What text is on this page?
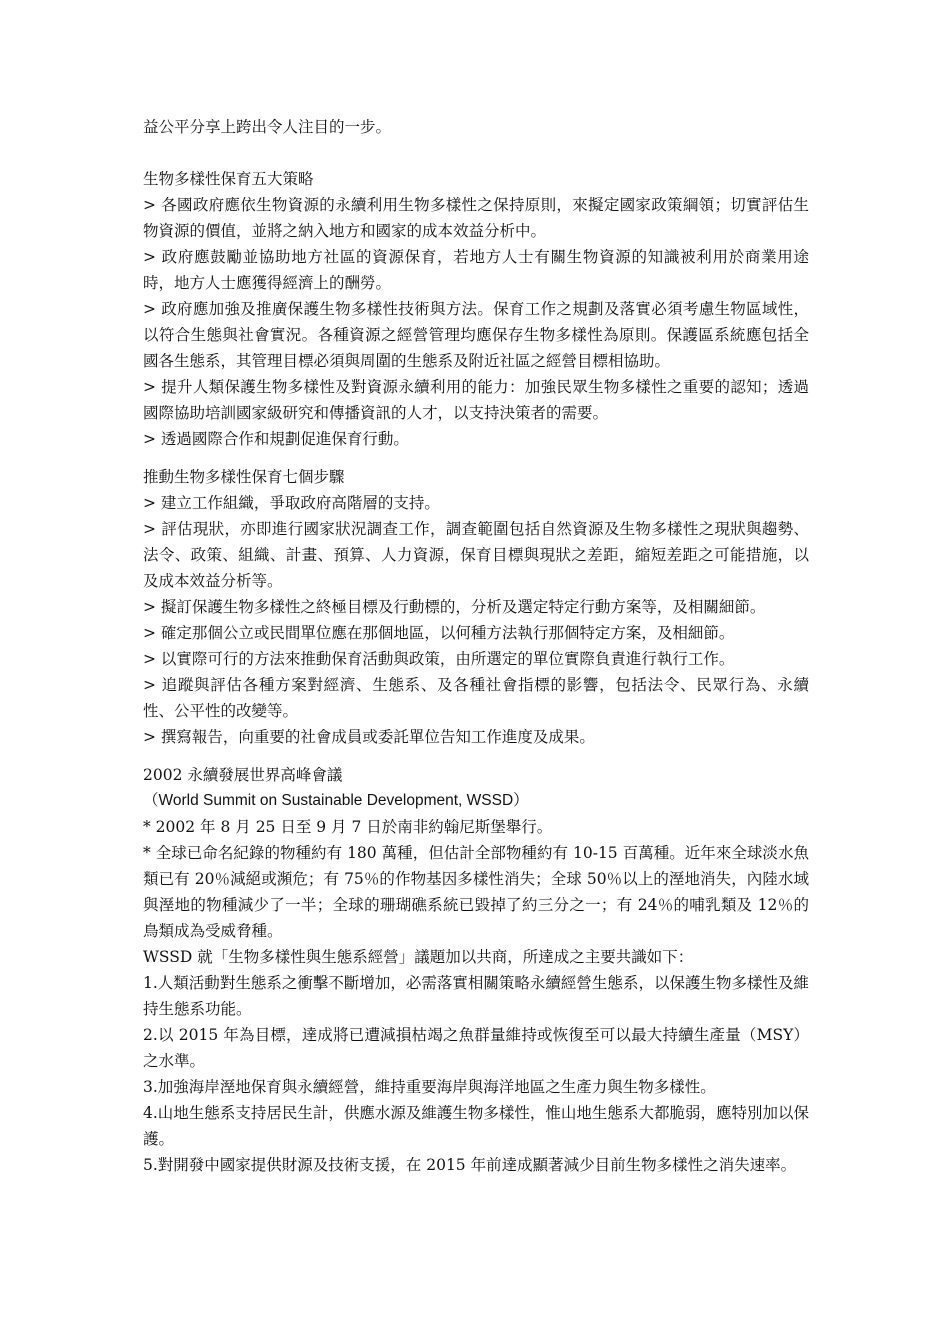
益公平分享上跨出令人注目的一步。

生物多樣性保育五大策略

> 各國政府應依生物資源的永續利用生物多樣性之保持原則，來擬定國家政策綱領；切實評估生物資源的價值，並將之納入地方和國家的成本效益分析中。

> 政府應鼓勵並協助地方社區的資源保育，若地方人士有關生物資源的知識被利用於商業用途時，地方人士應獲得經濟上的酬勞。

> 政府應加強及推廣保護生物多樣性技術與方法。保育工作之規劃及落實必須考慮生物區域性，以符合生態與社會實況。各種資源之經營管理均應保存生物多樣性為原則。保護區系統應包括全國各生態系，其管理目標必須與周圍的生態系及附近社區之經營目標相協助。

> 提升人類保護生物多樣性及對資源永續利用的能力：加強民眾生物多樣性之重要的認知；透過國際協助培訓國家級研究和傳播資訊的人才，以支持決策者的需要。

> 透過國際合作和規劃促進保育行動。

推動生物多樣性保育七個步驟

> 建立工作組織，爭取政府高階層的支持。

> 評估現狀，亦即進行國家狀況調查工作，調查範圍包括自然資源及生物多樣性之現狀與趨勢、法令、政策、組織、計畫、預算、人力資源，保育目標與現狀之差距，縮短差距之可能措施，以及成本效益分析等。

> 擬訂保護生物多樣性之終極目標及行動標的，分析及選定特定行動方案等，及相關細節。

> 確定那個公立或民間單位應在那個地區，以何種方法執行那個特定方案，及相細節。

> 以實際可行的方法來推動保育活動與政策，由所選定的單位實際負責進行執行工作。

> 追蹤與評估各種方案對經濟、生態系、及各種社會指標的影響，包括法令、民眾行為、永續性、公平性的改變等。

> 撰寫報告，向重要的社會成員或委託單位告知工作進度及成果。

2002 永續發展世界高峰會議

（World Summit on Sustainable Development, WSSD）

* 2002 年 8 月 25 日至 9 月 7 日於南非約翰尼斯堡舉行。

* 全球已命名紀錄的物種約有 180 萬種，但估計全部物種約有 10-15 百萬種。近年來全球淡水魚類已有 20％減絕或瀕危；有 75％的作物基因多樣性消失；全球 50％以上的溼地消失，內陸水域與溼地的物種減少了一半；全球的珊瑚礁系統已毀掉了約三分之一；有 24％的哺乳類及 12％的鳥類成為受威脅種。

WSSD 就「生物多樣性與生態系經營」議題加以共商，所達成之主要共識如下：

1.人類活動對生態系之衝擊不斷增加，必需落實相關策略永續經營生態系，以保護生物多樣性及維持生態系功能。

2.以 2015 年為目標，達成將已遭減損枯竭之魚群量維持或恢復至可以最大持續生產量（MSY）之水準。

3.加強海岸溼地保育與永續經營，維持重要海岸與海洋地區之生產力與生物多樣性。

4.山地生態系支持居民生計，供應水源及維護生物多樣性，惟山地生態系大都脆弱，應特別加以保護。

5.對開發中國家提供財源及技術支援，在 2015 年前達成顯著減少目前生物多樣性之消失速率。
